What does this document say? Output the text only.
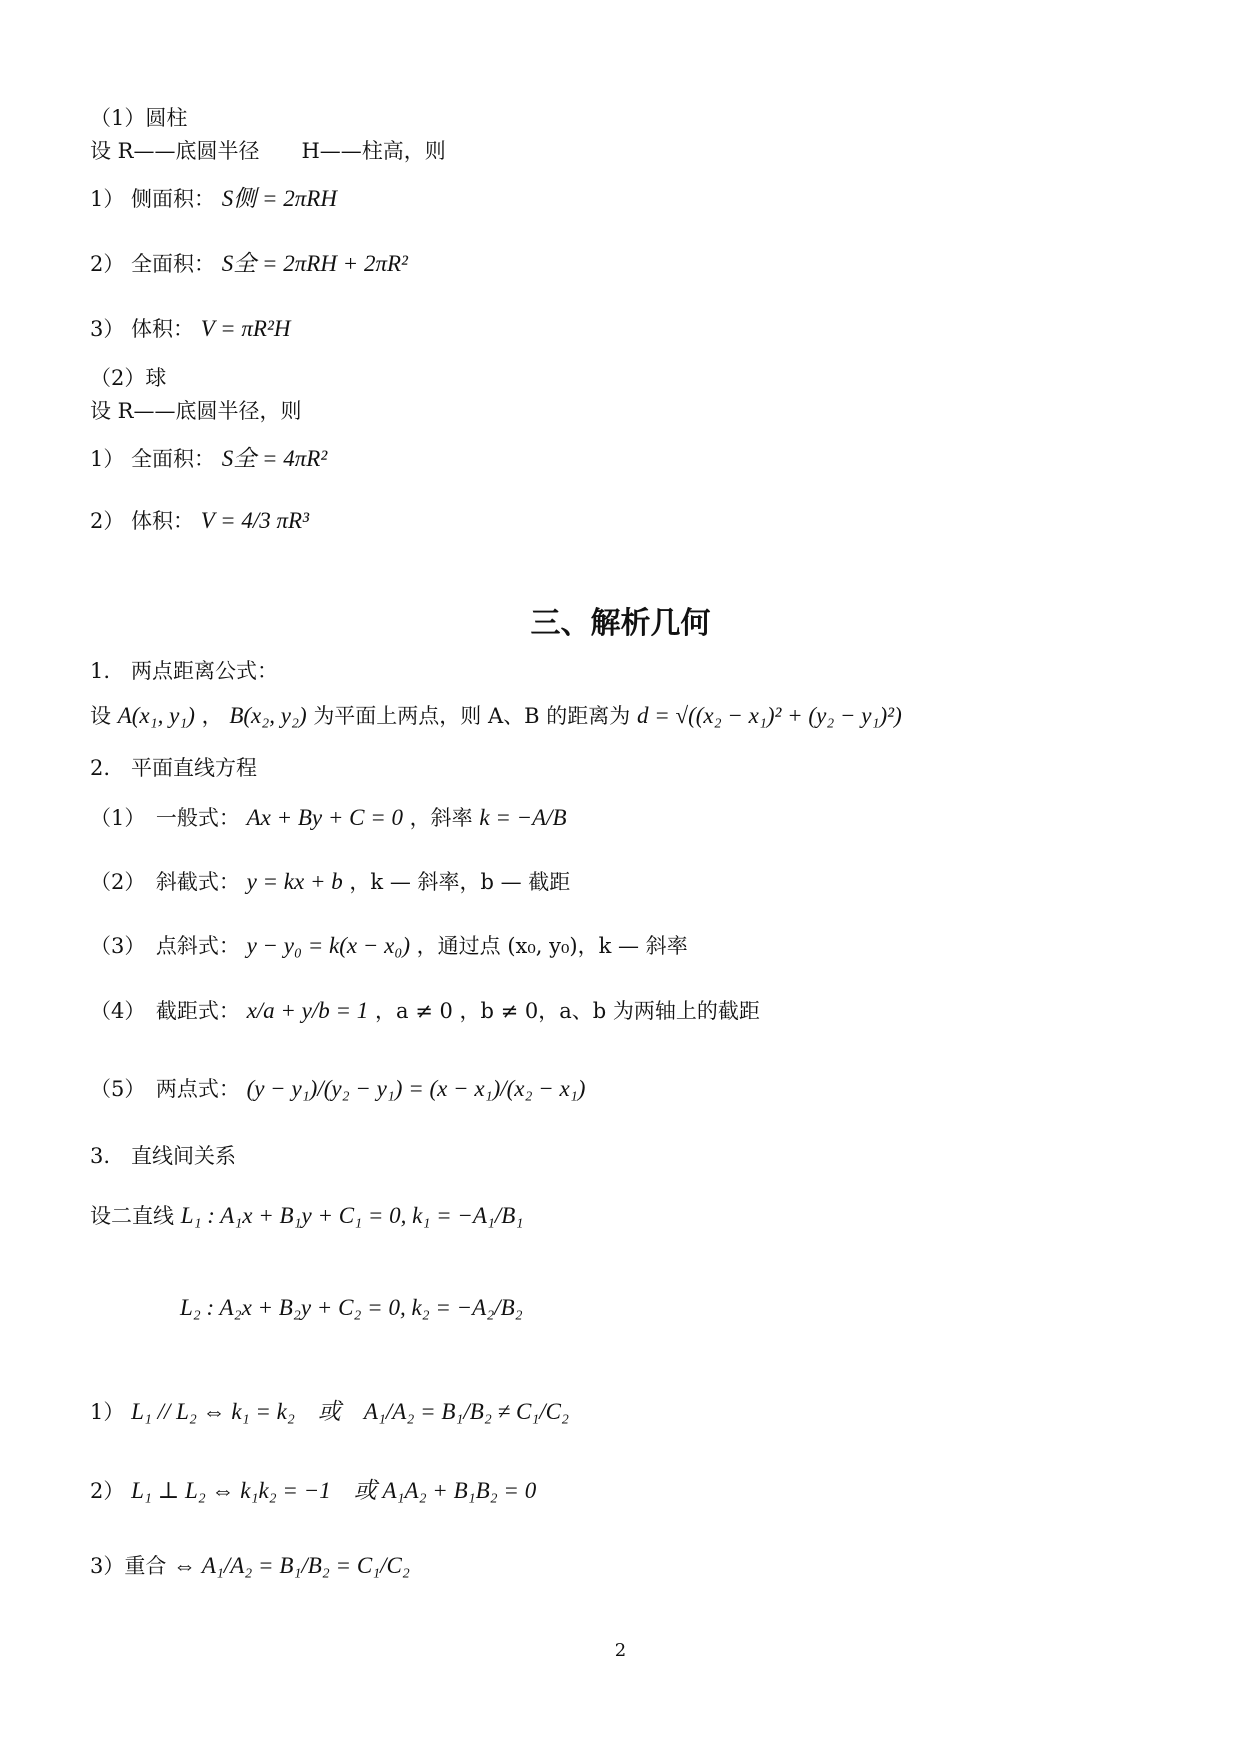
（1）圆柱
设 R——底圆半径　　H——柱高，则
1） 侧面积： S侧 = 2πRH
2） 全面积： S全 = 2πRH + 2πR²
3） 体积： V = πR²H
（2）球
设 R——底圆半径，则
1） 全面积： S全 = 4πR²
2） 体积： V = 4/3 πR³
三、解析几何
1.　两点距离公式：
设 A(x₁, y₁) ， B(x₂, y₂) 为平面上两点，则 A、B 的距离为 d = √((x₂ − x₁)² + (y₂ − y₁)²)
2.　平面直线方程
（1）　一般式： Ax + By + C = 0 ，斜率 k = −A/B
（2）　斜截式： y = kx + b ，k — 斜率，b — 截距
（3）　点斜式： y − y₀ = k(x − x₀) ，通过点 (x₀, y₀)，k — 斜率
（4）　截距式： x/a + y/b = 1 ，a ≠ 0 ，b ≠ 0，a、b 为两轴上的截距
（5）　两点式： (y − y₁)/(y₂ − y₁) = (x − x₁)/(x₂ − x₁)
3.　直线间关系
设二直线 L₁ : A₁x + B₁y + C₁ = 0, k₁ = −A₁/B₁
L₂ : A₂x + B₂y + C₂ = 0, k₂ = −A₂/B₂
1） L₁ // L₂ ⇔ k₁ = k₂　或　A₁/A₂ = B₁/B₂ ≠ C₁/C₂
2） L₁ ⊥ L₂ ⇔ k₁k₂ = −1　或 A₁A₂ + B₁B₂ = 0
3）重合 ⇔ A₁/A₂ = B₁/B₂ = C₁/C₂
2
